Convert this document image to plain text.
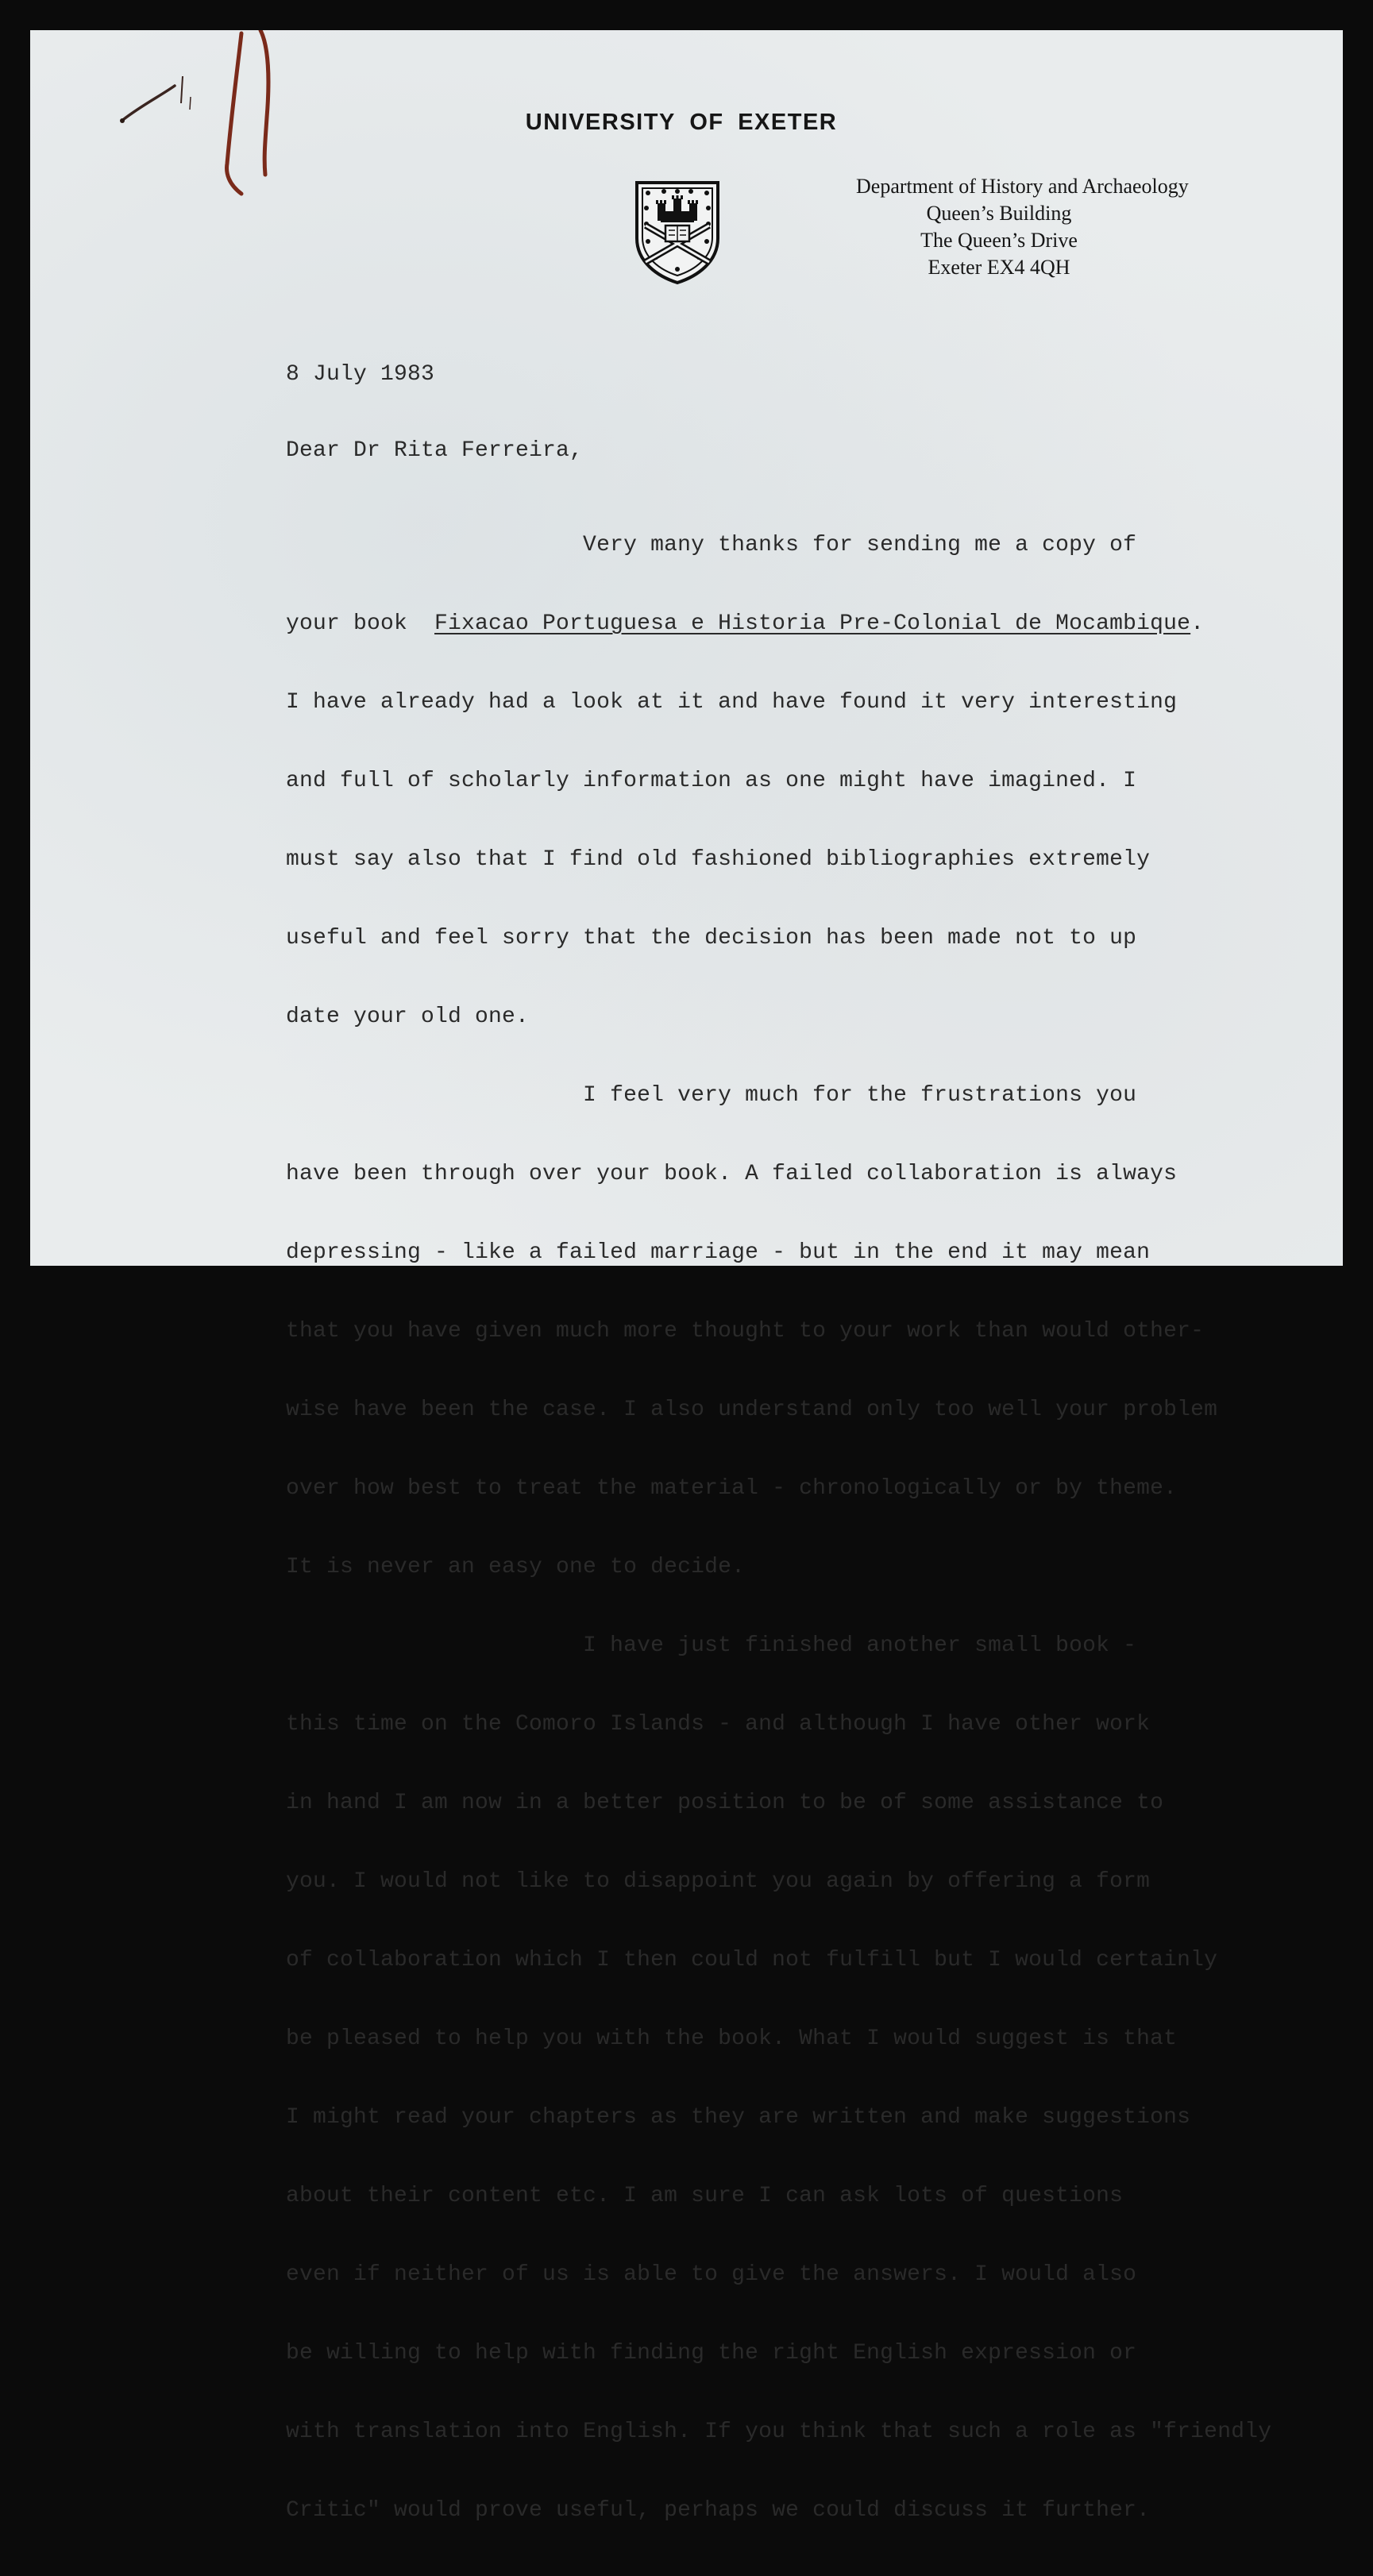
UNIVERSITY OF EXETER
Department of History and Archaeology
Queen’s Building
The Queen’s Drive
Exeter EX4 4QH
8 July 1983
Dear Dr Rita Ferreira,

Very many thanks for sending me a copy of

your book  Fixacao Portuguesa e Historia Pre-Colonial de Mocambique.

I have already had a look at it and have found it very interesting

and full of scholarly information as one might have imagined. I

must say also that I find old fashioned bibliographies extremely

useful and feel sorry that the decision has been made not to up

date your old one.

I feel very much for the frustrations you

have been through over your book. A failed collaboration is always

depressing - like a failed marriage - but in the end it may mean

that you have given much more thought to your work than would other-

wise have been the case. I also understand only too well your problem

over how best to treat the material - chronologically or by theme.

It is never an easy one to decide.

I have just finished another small book -

this time on the Comoro Islands - and although I have other work

in hand I am now in a better position to be of some assistance to

you. I would not like to disappoint you again by offering a form

of collaboration which I then could not fulfill but I would certainly

be pleased to help you with the book. What I would suggest is that

I might read your chapters as they are written and make suggestions

about their content etc. I am sure I can ask lots of questions

even if neither of us is able to give the answers. I would also

be willing to help with finding the right English expression or

with translation into English. If you think that such a role as "friendly

Critic" would prove useful, perhaps we could discuss it further.
